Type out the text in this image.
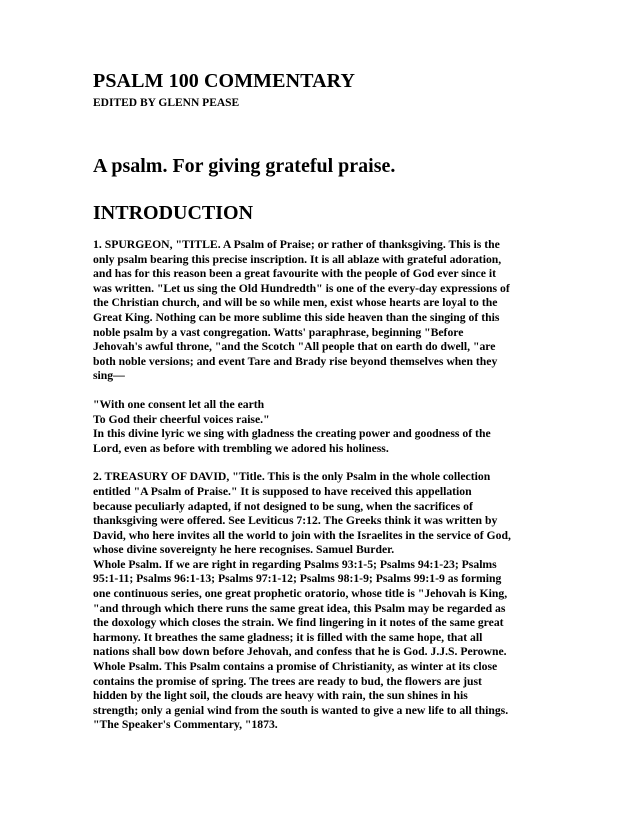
PSALM 100 COMMENTARY
EDITED BY GLENN PEASE
A psalm. For giving grateful praise.
INTRODUCTION

1. SPURGEON, "TITLE. A Psalm of Praise; or rather of thanksgiving. This is the
only psalm bearing this precise inscription. It is all ablaze with grateful adoration,
and has for this reason been a great favourite with the people of God ever since it
was written. "Let us sing the Old Hundredth" is one of the every-day expressions of
the Christian church, and will be so while men, exist whose hearts are loyal to the
Great King. Nothing can be more sublime this side heaven than the singing of this
noble psalm by a vast congregation. Watts' paraphrase, beginning "Before
Jehovah's awful throne, "and the Scotch "All people that on earth do dwell, "are
both noble versions; and event Tare and Brady rise beyond themselves when they
sing—

"With one consent let all the earth
To God their cheerful voices raise."
In this divine lyric we sing with gladness the creating power and goodness of the
Lord, even as before with trembling we adored his holiness.

2. TREASURY OF DAVID, "Title. This is the only Psalm in the whole collection
entitled "A Psalm of Praise." It is supposed to have received this appellation
because peculiarly adapted, if not designed to be sung, when the sacrifices of
thanksgiving were offered. See Leviticus 7:12. The Greeks think it was written by
David, who here invites all the world to join with the Israelites in the service of God,
whose divine sovereignty he here recognises. Samuel Burder.
Whole Psalm. If we are right in regarding Psalms 93:1-5; Psalms 94:1-23; Psalms
95:1-11; Psalms 96:1-13; Psalms 97:1-12; Psalms 98:1-9; Psalms 99:1-9 as forming
one continuous series, one great prophetic oratorio, whose title is "Jehovah is King,
"and through which there runs the same great idea, this Psalm may be regarded as
the doxology which closes the strain. We find lingering in it notes of the same great
harmony. It breathes the same gladness; it is filled with the same hope, that all
nations shall bow down before Jehovah, and confess that he is God. J.J.S. Perowne.
Whole Psalm. This Psalm contains a promise of Christianity, as winter at its close
contains the promise of spring. The trees are ready to bud, the flowers are just
hidden by the light soil, the clouds are heavy with rain, the sun shines in his
strength; only a genial wind from the south is wanted to give a new life to all things.
"The Speaker's Commentary, "1873.
